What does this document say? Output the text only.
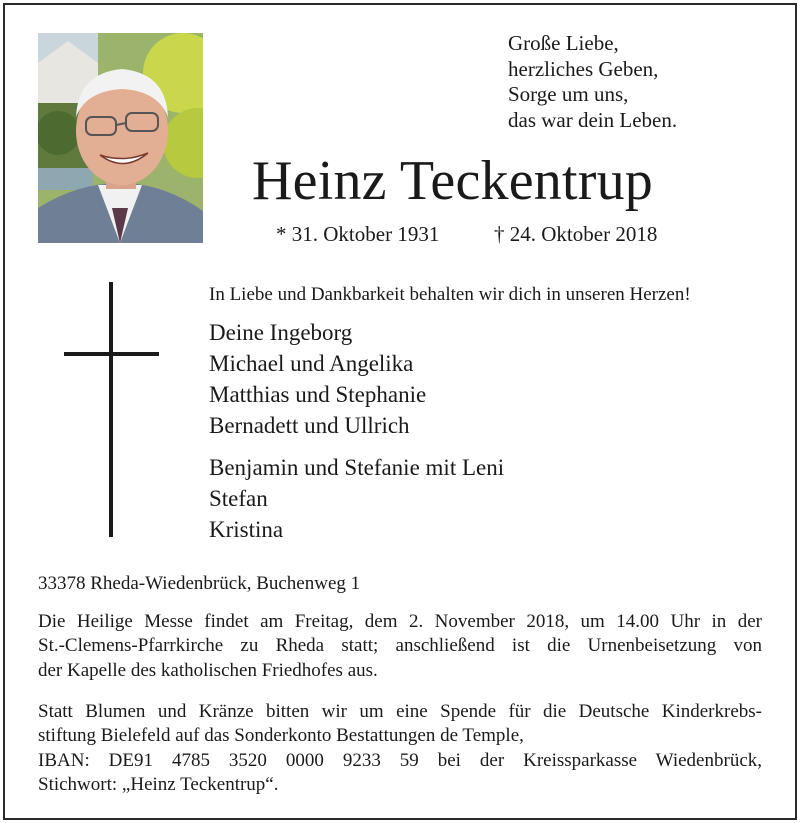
Große Liebe,
herzliches Geben,
Sorge um uns,
das war dein Leben.
Heinz Teckentrup
* 31. Oktober 1931	† 24. Oktober 2018
In Liebe und Dankbarkeit behalten wir dich in unseren Herzen!
Deine Ingeborg
Michael und Angelika
Matthias und Stephanie
Bernadett und Ullrich
Benjamin und Stefanie mit Leni
Stefan
Kristina
33378 Rheda-Wiedenbrück, Buchenweg 1
Die Heilige Messe findet am Freitag, dem 2. November 2018, um 14.00 Uhr in der
St.-Clemens-Pfarrkirche zu Rheda statt; anschließend ist die Urnenbeisetzung von
der Kapelle des katholischen Friedhofes aus.
Statt Blumen und Kränze bitten wir um eine Spende für die Deutsche Kinderkrebs-
stiftung Bielefeld auf das Sonderkonto Bestattungen de Temple,
IBAN: DE91 4785 3520 0000 9233 59 bei der Kreissparkasse Wiedenbrück,
Stichwort: „Heinz Teckentrup“.
